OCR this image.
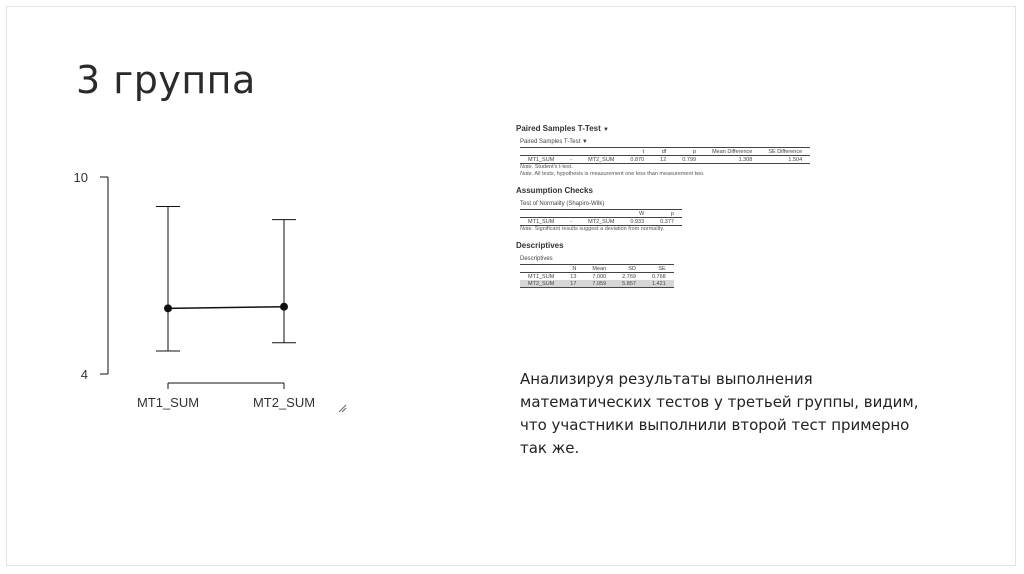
3 группа
4
10
MT1_SUM	MT2_SUM
Paired Samples T-Test ▼
Paired Samples T-Test ▼
			t	df	p	Mean Difference	SE Difference
MT1_SUM	-	MT2_SUM	0.870	12	0.799	1.308	1.504
Note. Student's t-test.
Note. All tests, hypothesis is measurement one less than measurement two.
Assumption Checks
Test of Normality (Shapiro-Wilk)
			W	p
MT1_SUM	-	MT2_SUM	0.933	0.377
Note. Significant results suggest a deviation from normality.
Descriptives
Descriptives
	N	Mean	SD	SE
MT1_SUM	13	7.000	2.769	0.768
MT2_SUM	17	7.059	5.857	1.421

Анализируя результаты выполнения математических тестов у третьей группы, видим, что участники выполнили второй тест примерно так же.
